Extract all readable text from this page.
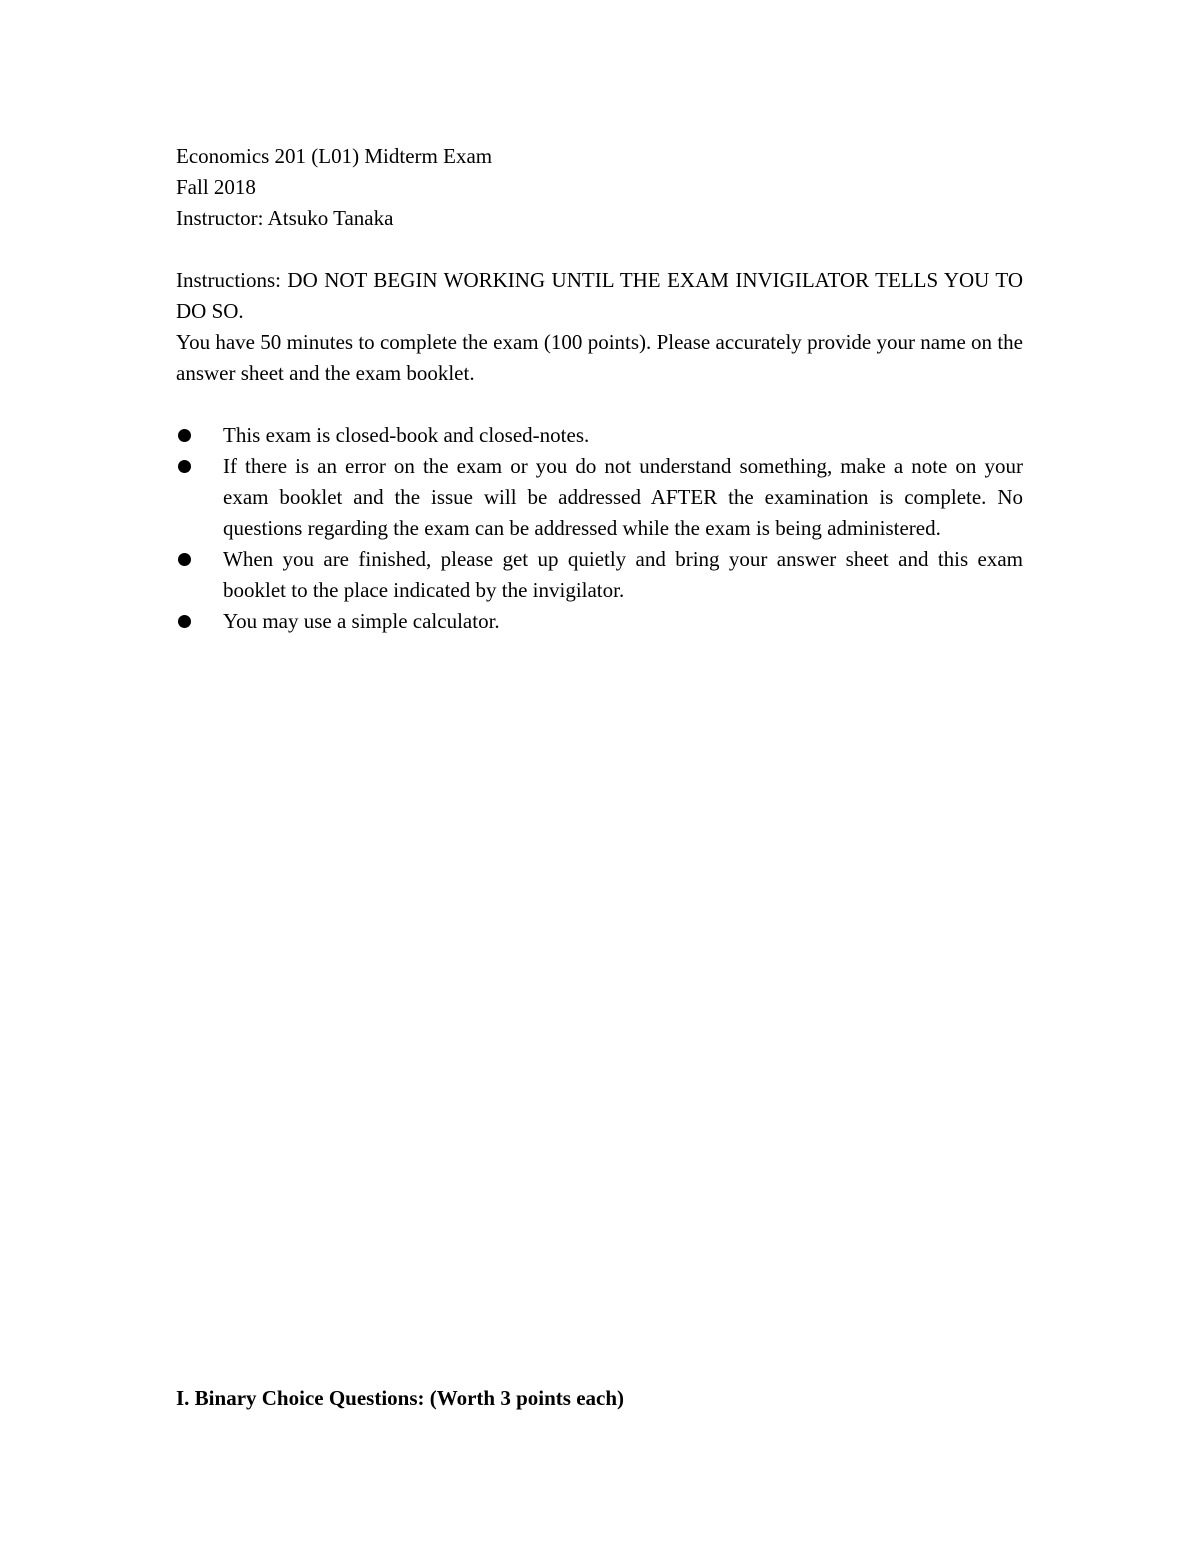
Economics 201 (L01) Midterm Exam
Fall 2018
Instructor: Atsuko Tanaka

Instructions: DO NOT BEGIN WORKING UNTIL THE EXAM INVIGILATOR TELLS YOU TO DO SO.

You have 50 minutes to complete the exam (100 points). Please accurately provide your name on the answer sheet and the exam booklet.

This exam is closed-book and closed-notes.
If there is an error on the exam or you do not understand something, make a note on your exam booklet and the issue will be addressed AFTER the examination is complete. No questions regarding the exam can be addressed while the exam is being administered.
When you are finished, please get up quietly and bring your answer sheet and this exam booklet to the place indicated by the invigilator.
You may use a simple calculator.
I. Binary Choice Questions: (Worth 3 points each)
